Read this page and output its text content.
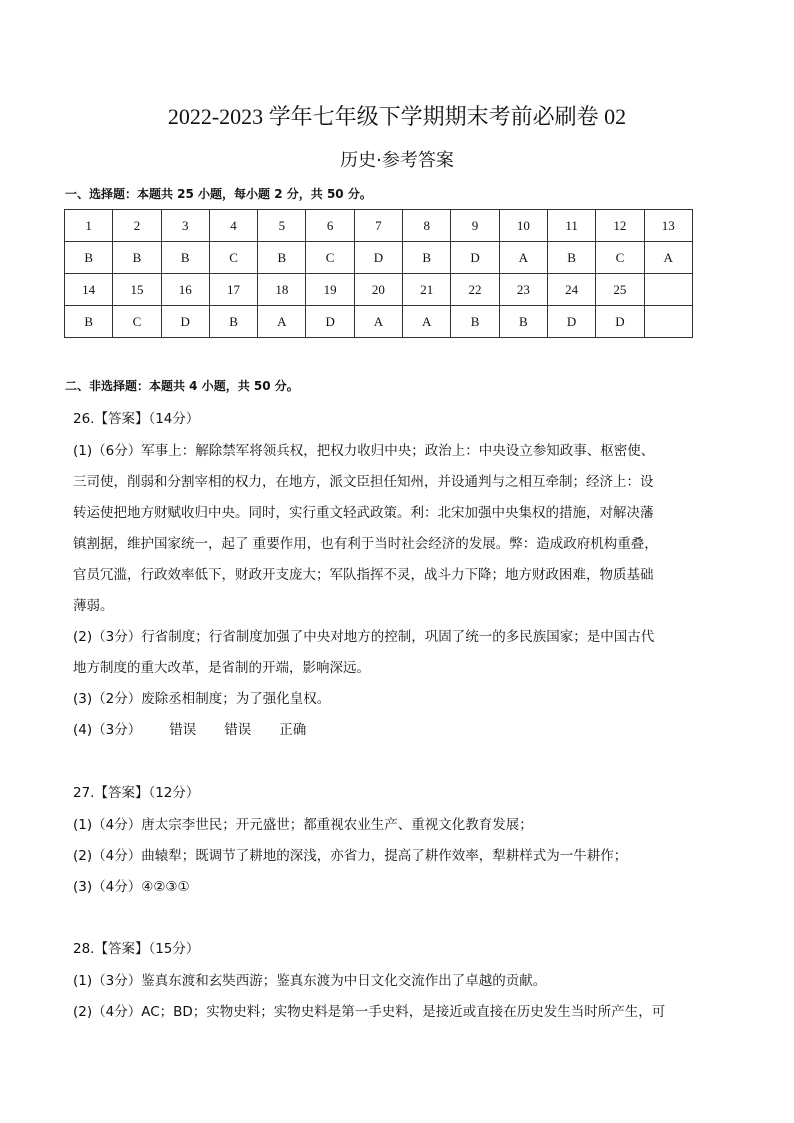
2022-2023 学年七年级下学期期末考前必刷卷 02
历史·参考答案
一、选择题：本题共 25 小题，每小题 2 分，共 50 分。
1	2	3	4	5	6	7	8	9	10	11	12	13
B	B	B	C	B	C	D	B	D	A	B	C	A
14	15	16	17	18	19	20	21	22	23	24	25	
B	C	D	B	A	D	A	A	B	B	D	D	
二、非选择题：本题共 4 小题，共 50 分。
26.【答案】（14分）
(1)（6分）军事上：解除禁军将领兵权，把权力收归中央；政治上：中央设立参知政事、枢密使、
三司使，削弱和分割宰相的权力，在地方，派文臣担任知州，并设通判与之相互牵制；经济上：设
转运使把地方财赋收归中央。同时，实行重文轻武政策。利：北宋加强中央集权的措施，对解决藩
镇割据，维护国家统一，起了 重要作用，也有利于当时社会经济的发展。弊：造成政府机构重叠，
官员冗滥，行政效率低下，财政开支庞大；军队指挥不灵，战斗力下降；地方财政困难，物质基础
薄弱。
(2)（3分）行省制度；行省制度加强了中央对地方的控制，巩固了统一的多民族国家；是中国古代
地方制度的重大改革，是省制的开端，影响深远。
(3)（2分）废除丞相制度；为了强化皇权。
(4)（3分） 错误 错误 正确
27.【答案】（12分）
(1)（4分）唐太宗李世民；开元盛世；都重视农业生产、重视文化教育发展；
(2)（4分）曲辕犁；既调节了耕地的深浅，亦省力，提高了耕作效率，犁耕样式为一牛耕作；
(3)（4分）④②③①
28.【答案】（15分）
(1)（3分）鉴真东渡和玄奘西游；鉴真东渡为中日文化交流作出了卓越的贡献。
(2)（4分）AC；BD；实物史料；实物史料是第一手史料，是接近或直接在历史发生当时所产生，可
